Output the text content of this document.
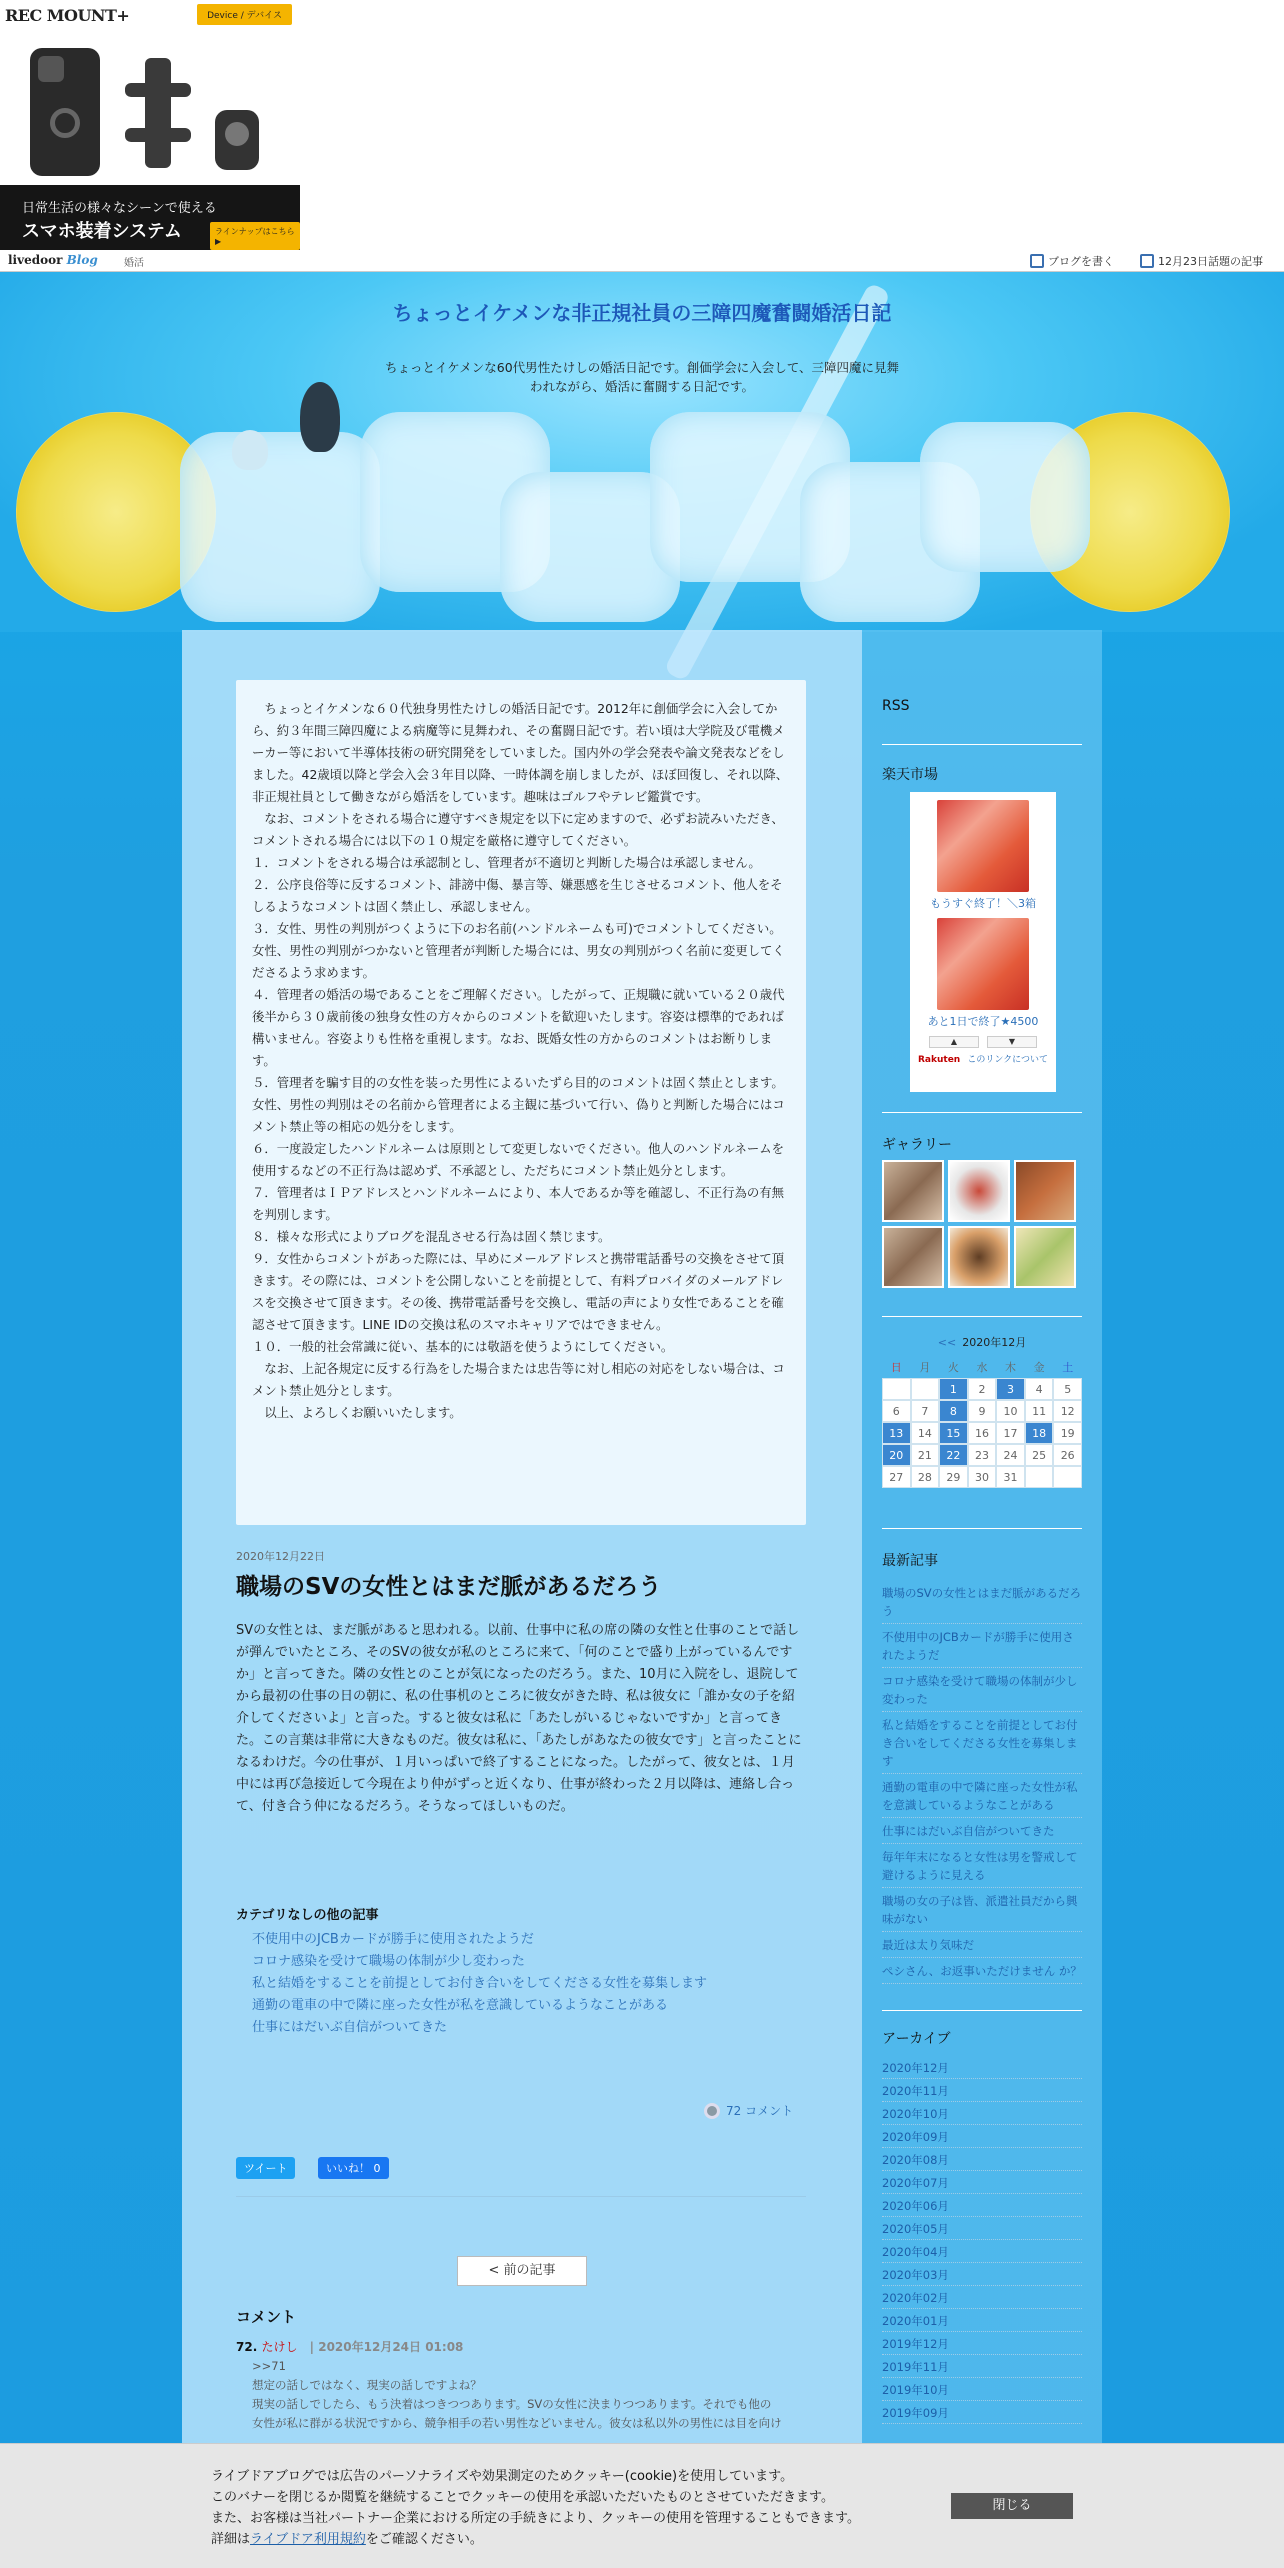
REC MOUNT+	Device / デバイス
日常生活の様々なシーンで使える
スマホ装着システム	ラインナップはこちら ▶
livedoor Blog	婚活	ブログを書く	12月23日話題の記事
ちょっとイケメンな非正規社員の三障四魔奮闘婚活日記
ちょっとイケメンな60代男性たけしの婚活日記です。創価学会に入会して、三障四魔に見舞われながら、婚活に奮闘する日記です。

　ちょっとイケメンな６０代独身男性たけしの婚活日記です。2012年に創価学会に入会してから、約３年間三障四魔による病魔等に見舞われ、その奮闘日記です。若い頃は大学院及び電機メーカー等において半導体技術の研究開発をしていました。国内外の学会発表や論文発表などをしました。42歳頃以降と学会入会３年目以降、一時体調を崩しましたが、ほぼ回復し、それ以降、非正規社員として働きながら婚活をしています。趣味はゴルフやテレビ鑑賞です。
　なお、コメントをされる場合に遵守すべき規定を以下に定めますので、必ずお読みいただき、コメントされる場合には以下の１０規定を厳格に遵守してください。
１．コメントをされる場合は承認制とし、管理者が不適切と判断した場合は承認しません。
２．公序良俗等に反するコメント、誹謗中傷、暴言等、嫌悪感を生じさせるコメント、他人をそしるようなコメントは固く禁止し、承認しません。
３．女性、男性の判別がつくように下のお名前(ハンドルネームも可)でコメントしてください。女性、男性の判別がつかないと管理者が判断した場合には、男女の判別がつく名前に変更してくださるよう求めます。
４．管理者の婚活の場であることをご理解ください。したがって、正規職に就いている２０歳代後半から３０歳前後の独身女性の方々からのコメントを歓迎いたします。容姿は標準的であれば構いません。容姿よりも性格を重視します。なお、既婚女性の方からのコメントはお断りします。
５．管理者を騙す目的の女性を装った男性によるいたずら目的のコメントは固く禁止とします。女性、男性の判別はその名前から管理者による主観に基づいて行い、偽りと判断した場合にはコメント禁止等の相応の処分をします。
６．一度設定したハンドルネームは原則として変更しないでください。他人のハンドルネームを使用するなどの不正行為は認めず、不承認とし、ただちにコメント禁止処分とします。
７．管理者はＩＰアドレスとハンドルネームにより、本人であるか等を確認し、不正行為の有無を判別します。
８．様々な形式によりブログを混乱させる行為は固く禁じます。
９．女性からコメントがあった際には、早めにメールアドレスと携帯電話番号の交換をさせて頂きます。その際には、コメントを公開しないことを前提として、有料プロバイダのメールアドレスを交換させて頂きます。その後、携帯電話番号を交換し、電話の声により女性であることを確認させて頂きます。LINE IDの交換は私のスマホキャリアではできません。
１０．一般的社会常識に従い、基本的には敬語を使うようにしてください。
　なお、上記各規定に反する行為をした場合または忠告等に対し相応の対応をしない場合は、コメント禁止処分とします。
　以上、よろしくお願いいたします。

2020年12月22日
職場のSVの女性とはまだ脈があるだろう
SVの女性とは、まだ脈があると思われる。以前、仕事中に私の席の隣の女性と仕事のことで話しが弾んでいたところ、そのSVの彼女が私のところに来て、「何のことで盛り上がっているんですか」と言ってきた。隣の女性とのことが気になったのだろう。また、10月に入院をし、退院してから最初の仕事の日の朝に、私の仕事机のところに彼女がきた時、私は彼女に「誰か女の子を紹介してくださいよ」と言った。すると彼女は私に「あたしがいるじゃないですか」と言ってきた。この言葉は非常に大きなものだ。彼女は私に、「あたしがあなたの彼女です」と言ったことになるわけだ。今の仕事が、１月いっぱいで終了することになった。したがって、彼女とは、１月中には再び急接近して今現在より仲がずっと近くなり、仕事が終わった２月以降は、連絡し合って、付き合う仲になるだろう。そうなってほしいものだ。
カテゴリなしの他の記事
不使用中のJCBカードが勝手に使用されたようだ
コロナ感染を受けて職場の体制が少し変わった
私と結婚をすることを前提としてお付き合いをしてくださる女性を募集します
通勤の電車の中で隣に座った女性が私を意識しているようなことがある
仕事にはだいぶ自信がついてきた
72 コメント
ツイート	いいね！ 0
< 前の記事
コメント
72. たけし | 2020年12月24日 01:08
>>71
想定の話しではなく、現実の話しですよね？
現実の話しでしたら、もう決着はつきつつあります。SVの女性に決まりつつあります。それでも他の
女性が私に群がる状況ですから、競争相手の若い男性などいません。彼女は私以外の男性には目を向け
RSS
楽天市場
もうすぐ終了！＼3箱
あと1日で終了★4500
▲	▼
Rakuten このリンクについて
ギャラリー
<< 2020年12月
日	月	火	水	木	金	土
		1	2	3	4	5
6	7	8	9	10	11	12
13	14	15	16	17	18	19
20	21	22	23	24	25	26
27	28	29	30	31		
最新記事
職場のSVの女性とはまだ脈があるだろう
不使用中のJCBカードが勝手に使用されたようだ
コロナ感染を受けて職場の体制が少し変わった
私と結婚をすることを前提としてお付き合いをしてくださる女性を募集します
通勤の電車の中で隣に座った女性が私を意識しているようなことがある
仕事にはだいぶ自信がついてきた
毎年年末になると女性は男を警戒して避けるように見える
職場の女の子は皆、派遣社員だから興味がない
最近は太り気味だ
ぺシさん、お返事いただけません か？
アーカイブ
2020年12月
2020年11月
2020年10月
2020年09月
2020年08月
2020年07月
2020年06月
2020年05月
2020年04月
2020年03月
2020年02月
2020年01月
2019年12月
2019年11月
2019年10月
2019年09月
ライブドアブログでは広告のパーソナライズや効果測定のためクッキー(cookie)を使用しています。
このバナーを閉じるか閲覧を継続することでクッキーの使用を承認いただいたものとさせていただきます。
また、お客様は当社パートナー企業における所定の手続きにより、クッキーの使用を管理することもできます。
詳細はライブドア利用規約をご確認ください。
閉じる
